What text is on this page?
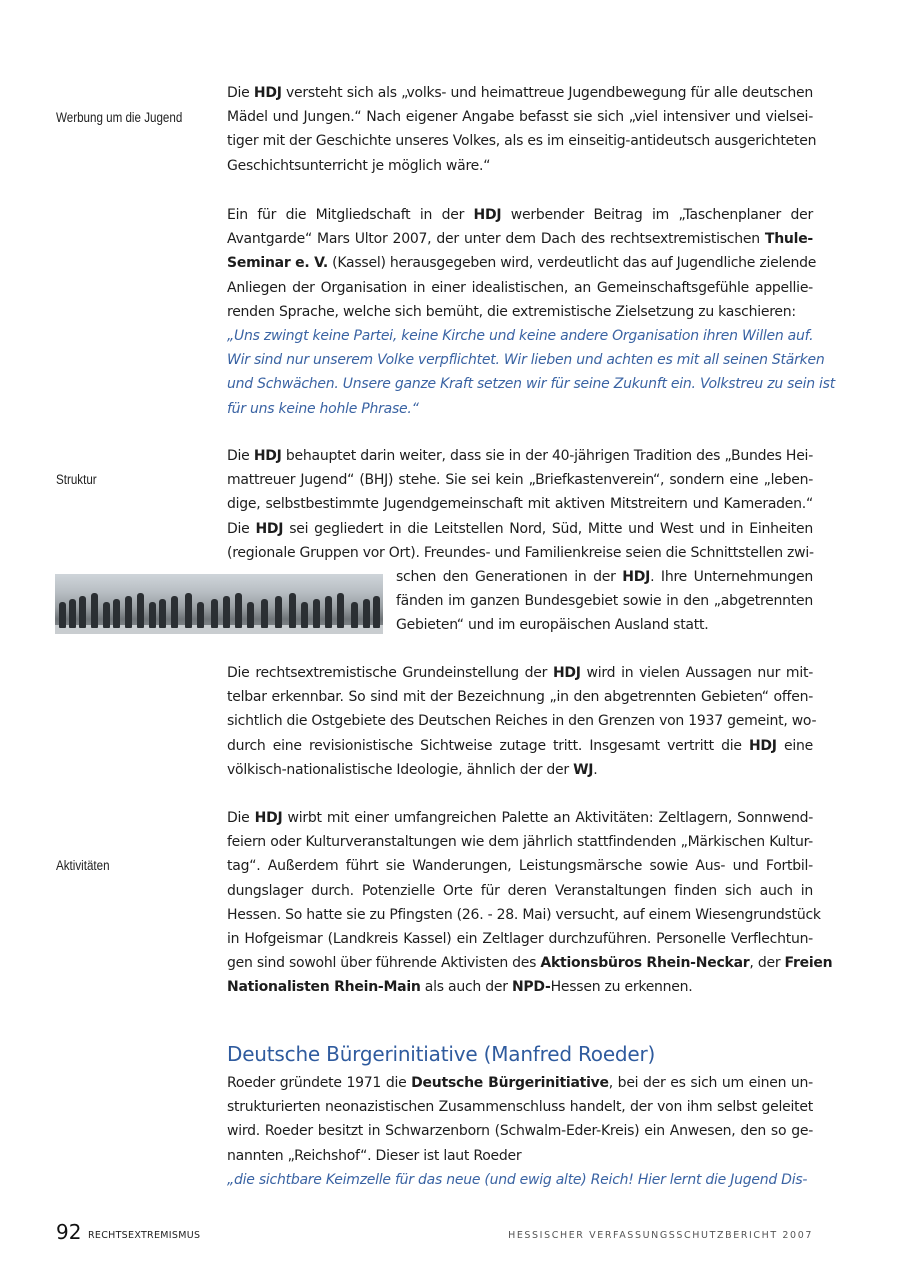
Werbung um die Jugend
Struktur
Aktivitäten
Die HDJ versteht sich als „volks- und heimattreue Jugendbewegung für alle deutschen
Mädel und Jungen.“ Nach eigener Angabe befasst sie sich „viel intensiver und vielsei-
tiger mit der Geschichte unseres Volkes, als es im einseitig-antideutsch ausgerichteten
Geschichtsunterricht je möglich wäre.“
Ein für die Mitgliedschaft in der HDJ werbender Beitrag im „Taschenplaner der
Avantgarde“ Mars Ultor 2007, der unter dem Dach des rechtsextremistischen Thule-
Seminar e. V. (Kassel) herausgegeben wird, verdeutlicht das auf Jugendliche zielende
Anliegen der Organisation in einer idealistischen, an Gemeinschaftsgefühle appellie-
renden Sprache, welche sich bemüht, die extremistische Zielsetzung zu kaschieren:
„Uns zwingt keine Partei, keine Kirche und keine andere Organisation ihren Willen auf.
Wir sind nur unserem Volke verpflichtet. Wir lieben und achten es mit all seinen Stärken
und Schwächen. Unsere ganze Kraft setzen wir für seine Zukunft ein. Volkstreu zu sein ist
für uns keine hohle Phrase.“
Die HDJ behauptet darin weiter, dass sie in der 40-jährigen Tradition des „Bundes Hei-
mattreuer Jugend“ (BHJ) stehe. Sie sei kein „Briefkastenverein“, sondern eine „leben-
dige, selbstbestimmte Jugendgemeinschaft mit aktiven Mitstreitern und Kameraden.“
Die HDJ sei gegliedert in die Leitstellen Nord, Süd, Mitte und West und in Einheiten
(regionale Gruppen vor Ort). Freundes- und Familienkreise seien die Schnittstellen zwi-
schen den Generationen in der HDJ. Ihre Unternehmungen
fänden im ganzen Bundesgebiet sowie in den „abgetrennten
Gebieten“ und im europäischen Ausland statt.
Die rechtsextremistische Grundeinstellung der HDJ wird in vielen Aussagen nur mit-
telbar erkennbar. So sind mit der Bezeichnung „in den abgetrennten Gebieten“ offen-
sichtlich die Ostgebiete des Deutschen Reiches in den Grenzen von 1937 gemeint, wo-
durch eine revisionistische Sichtweise zutage tritt. Insgesamt vertritt die HDJ eine
völkisch-nationalistische Ideologie, ähnlich der der WJ.
Die HDJ wirbt mit einer umfangreichen Palette an Aktivitäten: Zeltlagern, Sonnwend-
feiern oder Kulturveranstaltungen wie dem jährlich stattfindenden „Märkischen Kultur-
tag“. Außerdem führt sie Wanderungen, Leistungsmärsche sowie Aus- und Fortbil-
dungslager durch. Potenzielle Orte für deren Veranstaltungen finden sich auch in
Hessen. So hatte sie zu Pfingsten (26. - 28. Mai) versucht, auf einem Wiesengrundstück
in Hofgeismar (Landkreis Kassel) ein Zeltlager durchzuführen. Personelle Verflechtun-
gen sind sowohl über führende Aktivisten des Aktionsbüros Rhein-Neckar, der Freien
Nationalisten Rhein-Main als auch der NPD-Hessen zu erkennen.
Deutsche Bürgerinitiative (Manfred Roeder)
Roeder gründete 1971 die Deutsche Bürgerinitiative, bei der es sich um einen un-
strukturierten neonazistischen Zusammenschluss handelt, der von ihm selbst geleitet
wird. Roeder besitzt in Schwarzenborn (Schwalm-Eder-Kreis) ein Anwesen, den so ge-
nannten „Reichshof“. Dieser ist laut Roeder
„die sichtbare Keimzelle für das neue (und ewig alte) Reich! Hier lernt die Jugend Dis-
92 RECHTSEXTREMISMUS	HESSISCHER VERFASSUNGSSCHUTZBERICHT 2007
